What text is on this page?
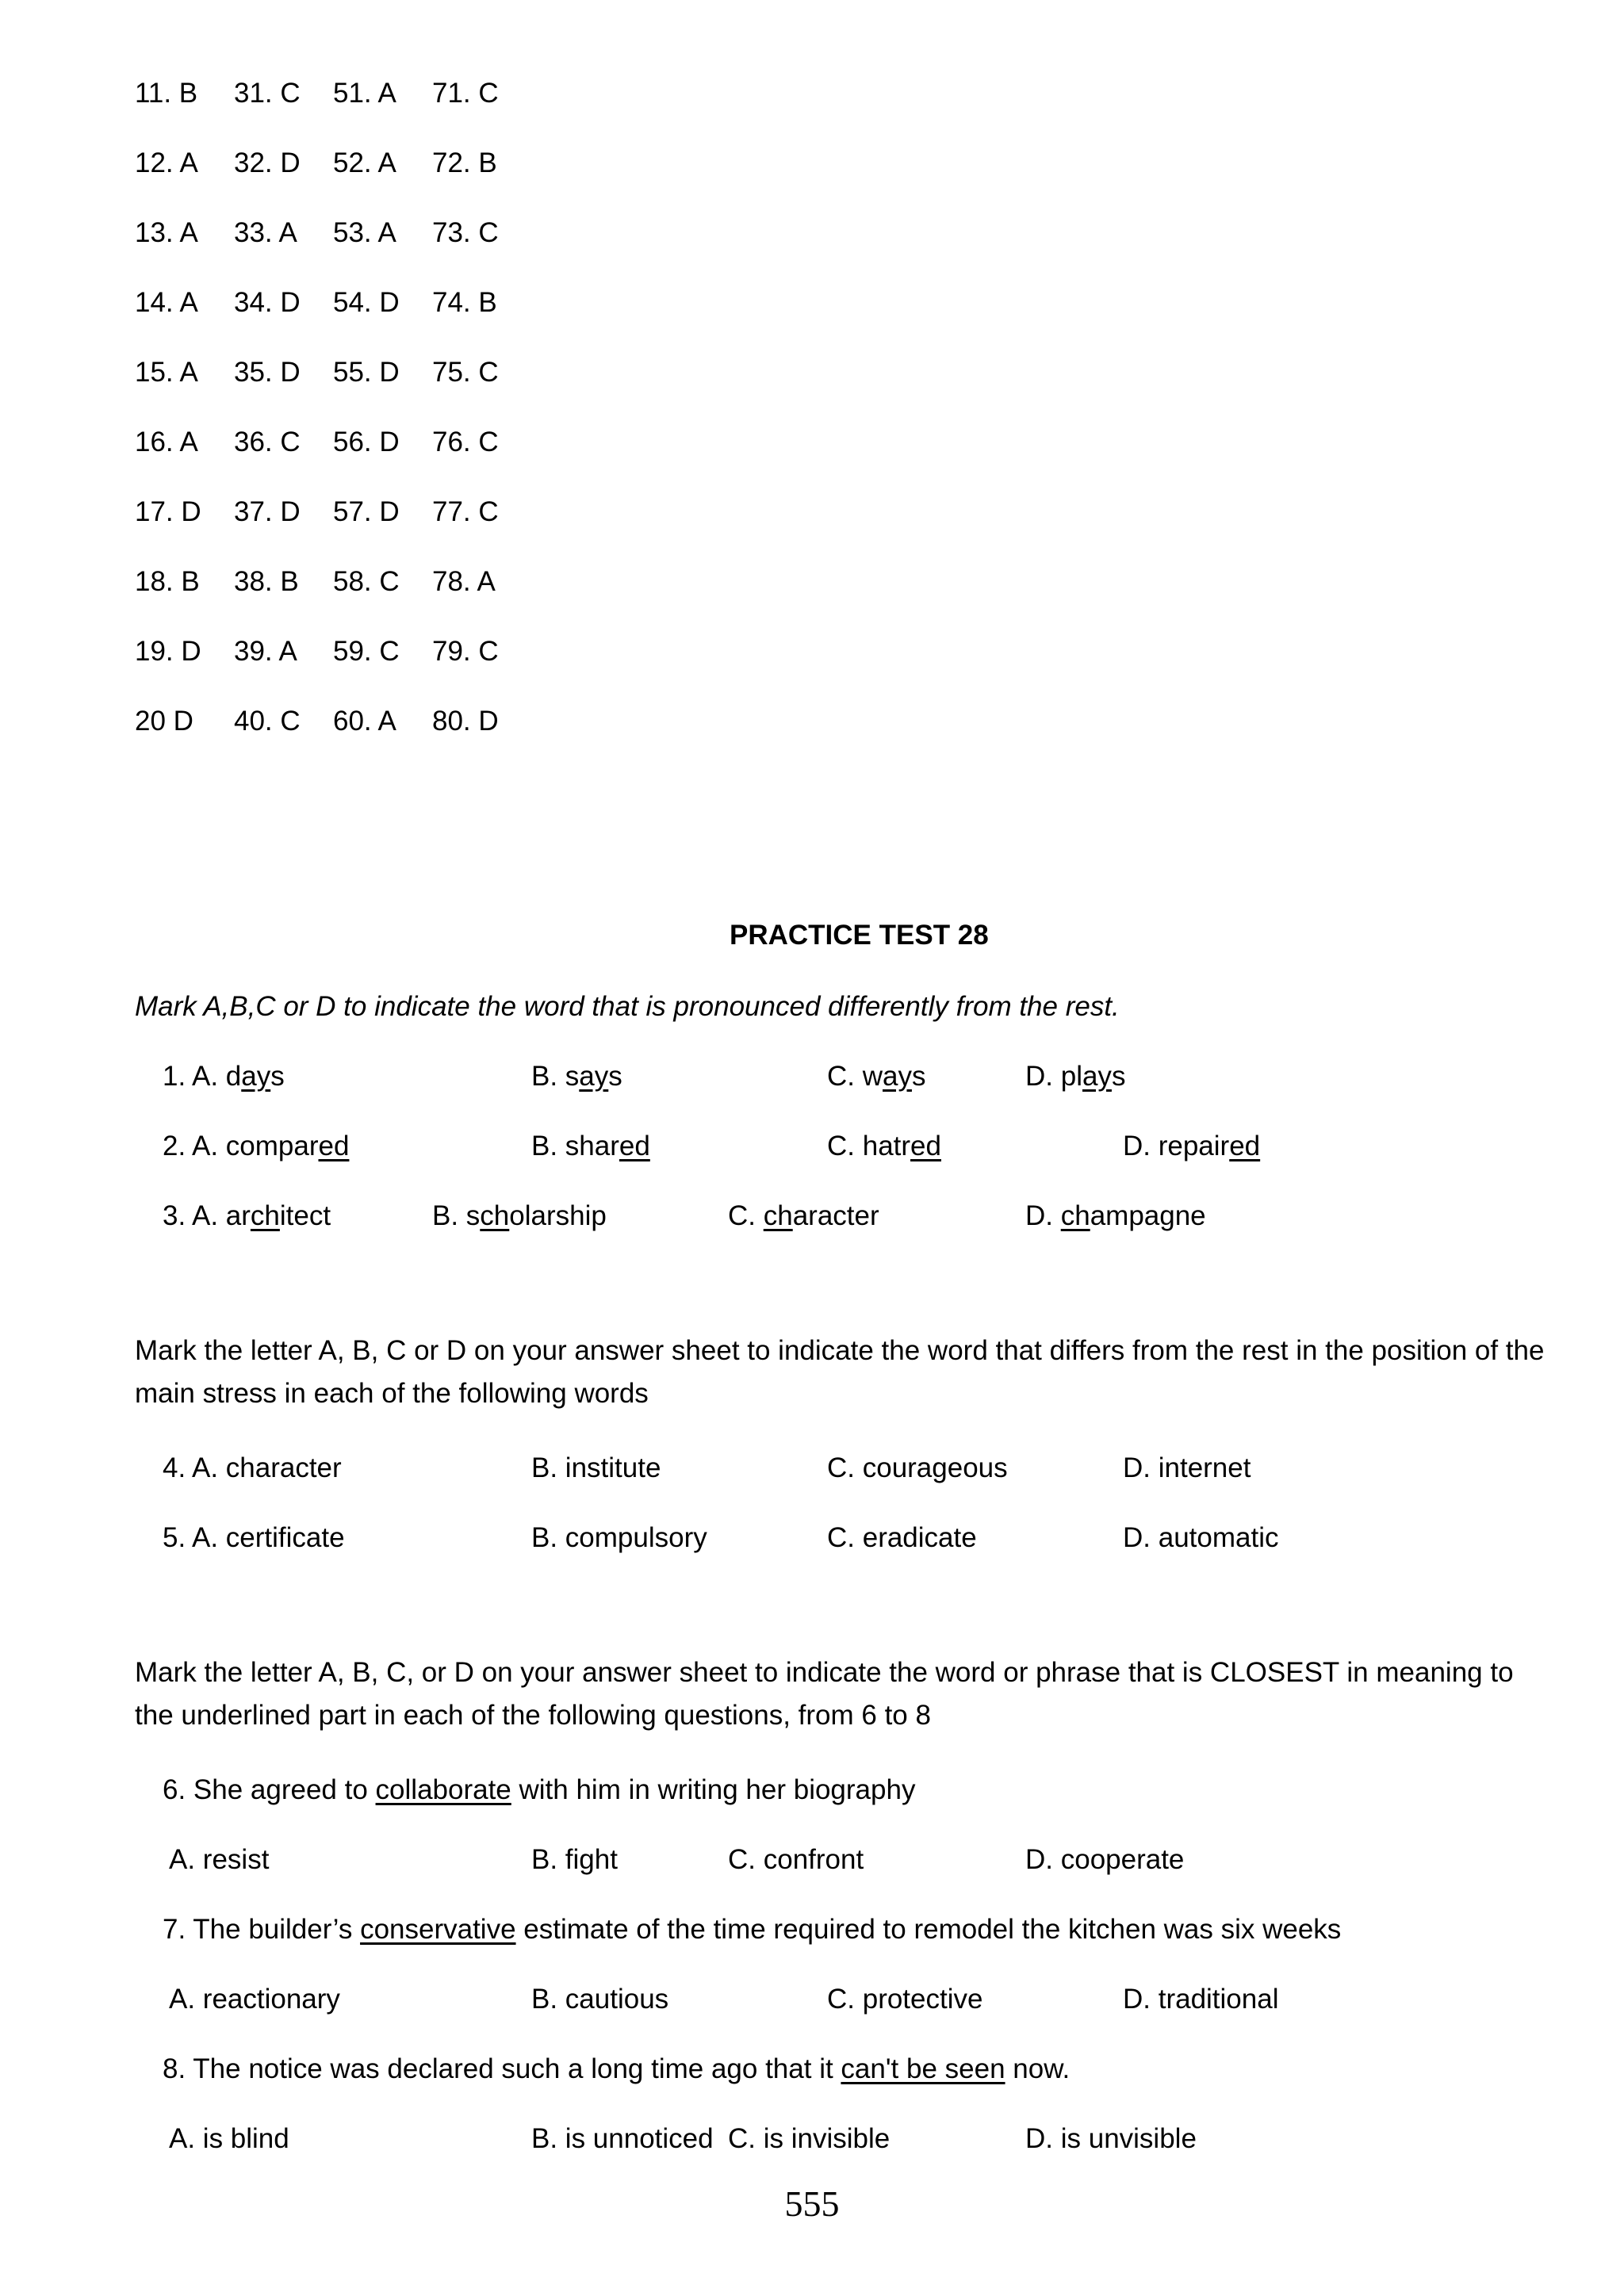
11. B 31. C 51. A 71. C
12. A 32. D 52. A 72. B
13. A 33. A 53. A 73. C
14. A 34. D 54. D 74. B
15. A 35. D 55. D 75. C
16. A 36. C 56. D 76. C
17. D 37. D 57. D 77. C
18. B 38. B 58. C 78. A
19. D 39. A 59. C 79. C
20 D 40. C 60. A 80. D
PRACTICE TEST 28
Mark A,B,C or D to indicate the word that is pronounced differently from the rest.
1. A. days	B. says	C. ways	D. plays
2. A. compared	B. shared	C. hatred	D. repaired
3. A. architect	B. scholarship	C. character	D. champagne
Mark the letter A, B, C or D on your answer sheet to indicate the word that differs from the rest in the position of the main stress in each of the following words
4. A. character	B. institute	C. courageous	D. internet
5. A. certificate	B. compulsory	C. eradicate	D. automatic
Mark the letter A, B, C, or D on your answer sheet to indicate the word or phrase that is CLOSEST in meaning to the underlined part in each of the following questions, from 6 to 8
6. She agreed to collaborate with him in writing her biography
A. resist	B. fight	C. confront	D. cooperate
7. The builder’s conservative estimate of the time required to remodel the kitchen was six weeks
A. reactionary	B. cautious	C. protective	D. traditional
8. The notice was declared such a long time ago that it can't be seen now.
A. is blind	B. is unnoticed C. is invisible	D. is unvisible
555
